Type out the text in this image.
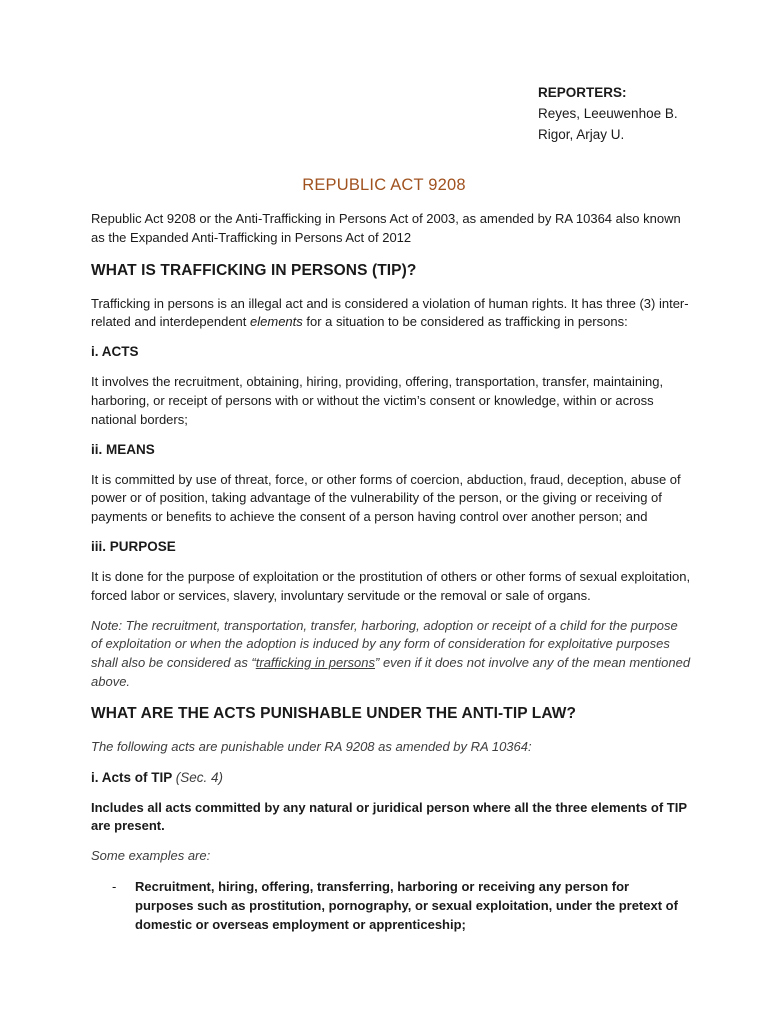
REPORTERS:
Reyes, Leeuwenhoe B.
Rigor, Arjay U.
REPUBLIC ACT 9208

Republic Act 9208 or the Anti-Trafficking in Persons Act of 2003, as amended by RA 10364 also known as the Expanded Anti-Trafficking in Persons Act of 2012

WHAT IS TRAFFICKING IN PERSONS (TIP)?

Trafficking in persons is an illegal act and is considered a violation of human rights. It has three (3) inter-related and interdependent elements for a situation to be considered as trafficking in persons:

i. ACTS

It involves the recruitment, obtaining, hiring, providing, offering, transportation, transfer, maintaining, harboring, or receipt of persons with or without the victim’s consent or knowledge, within or across national borders;

ii. MEANS

It is committed by use of threat, force, or other forms of coercion, abduction, fraud, deception, abuse of power or of position, taking advantage of the vulnerability of the person, or the giving or receiving of payments or benefits to achieve the consent of a person having control over another person; and

iii. PURPOSE

It is done for the purpose of exploitation or the prostitution of others or other forms of sexual exploitation, forced labor or services, slavery, involuntary servitude or the removal or sale of organs.

Note: The recruitment, transportation, transfer, harboring, adoption or receipt of a child for the purpose of exploitation or when the adoption is induced by any form of consideration for exploitative purposes shall also be considered as “trafficking in persons” even if it does not involve any of the mean mentioned above.

WHAT ARE THE ACTS PUNISHABLE UNDER THE ANTI-TIP LAW?

The following acts are punishable under RA 9208 as amended by RA 10364:

i. Acts of TIP (Sec. 4)

Includes all acts committed by any natural or juridical person where all the three elements of TIP are present.

Some examples are:

- Recruitment, hiring, offering, transferring, harboring or receiving any person for purposes such as prostitution, pornography, or sexual exploitation, under the pretext of domestic or overseas employment or apprenticeship;
